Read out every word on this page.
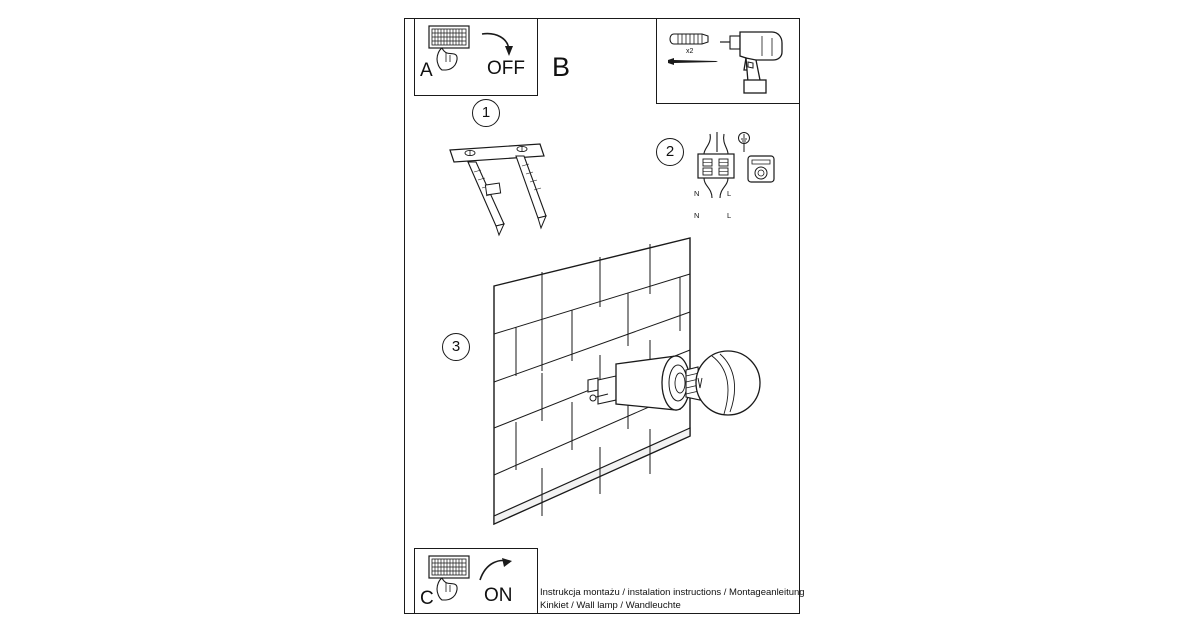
A	OFF B
x2
1
2
N	L
N	L
3
C	ON	Instrukcja montażu / instalation instructions / Montageanleitung
Kinkiet / Wall lamp / Wandleuchte
